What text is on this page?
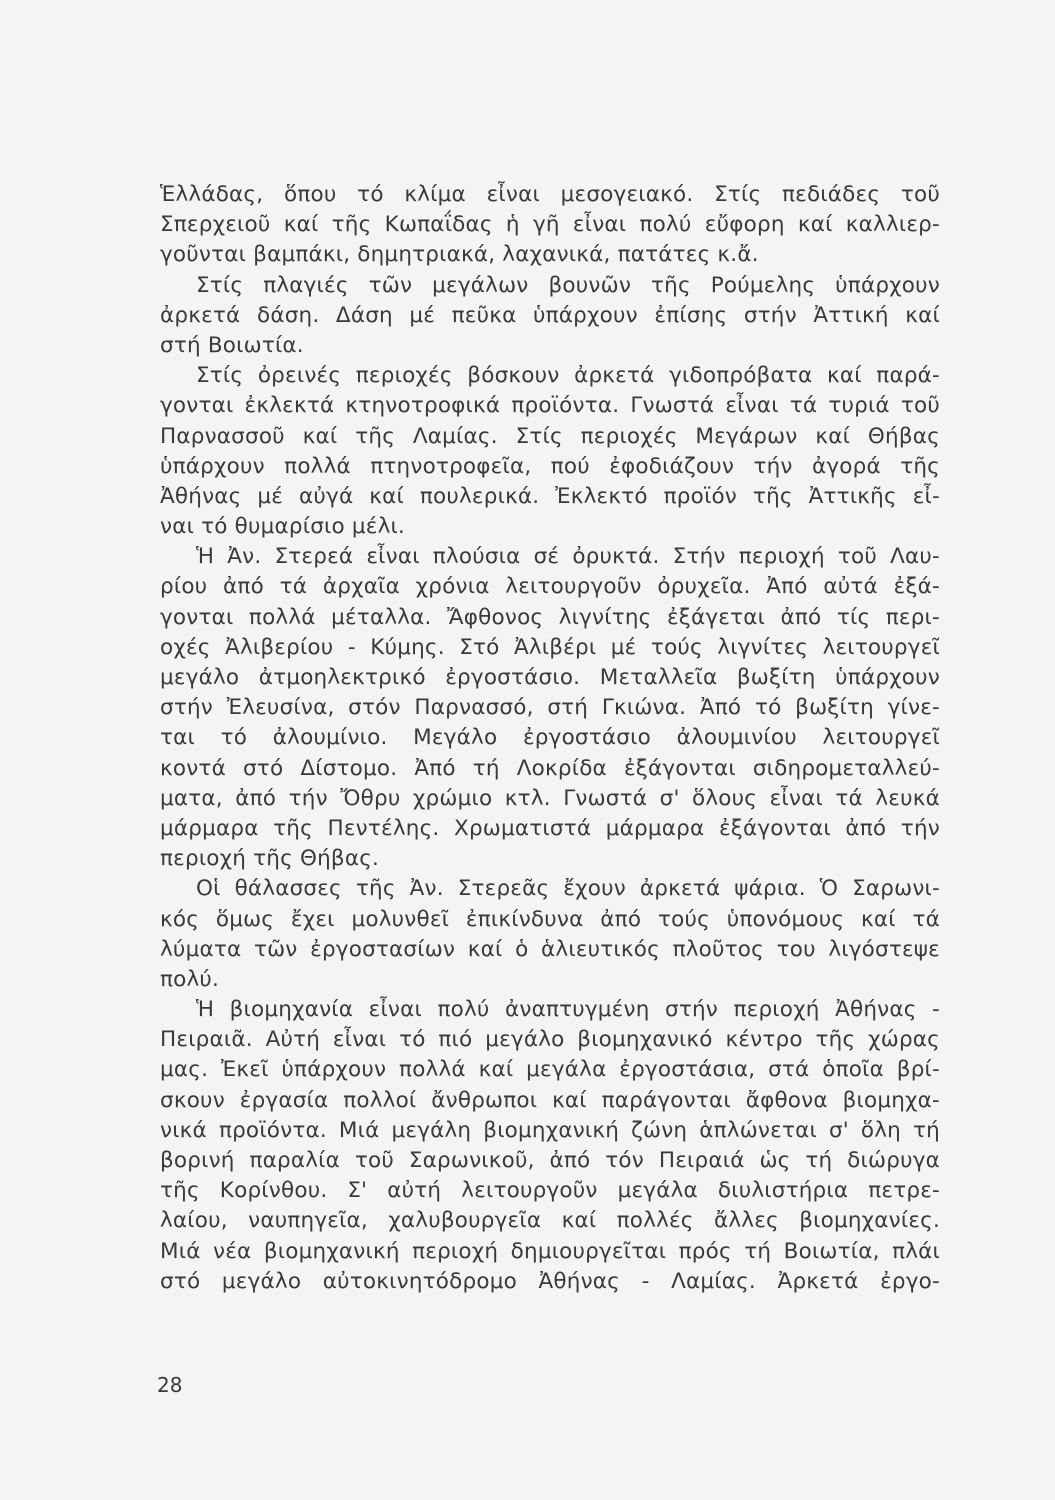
Ἑλλάδας, ὅπου τό κλίμα εἶναι μεσογειακό. Στίς πεδιάδες τοῦ
Σπερχειοῦ καί τῆς Κωπαΐδας ἡ γῆ εἶναι πολύ εὔφορη καί καλλιερ-
γοῦνται βαμπάκι, δημητριακά, λαχανικά, πατάτες κ.ἄ.
Στίς πλαγιές τῶν μεγάλων βουνῶν τῆς Ρούμελης ὑπάρχουν
ἀρκετά δάση. Δάση μέ πεῦκα ὑπάρχουν ἐπίσης στήν Ἀττική καί
στή Βοιωτία.
Στίς ὀρεινές περιοχές βόσκουν ἀρκετά γιδοπρόβατα καί παρά-
γονται ἐκλεκτά κτηνοτροφικά προϊόντα. Γνωστά εἶναι τά τυριά τοῦ
Παρνασσοῦ καί τῆς Λαμίας. Στίς περιοχές Μεγάρων καί Θήβας
ὑπάρχουν πολλά πτηνοτροφεῖα, πού ἐφοδιάζουν τήν ἀγορά τῆς
Ἀθήνας μέ αὐγά καί πουλερικά. Ἐκλεκτό προϊόν τῆς Ἀττικῆς εἶ-
ναι τό θυμαρίσιο μέλι.
Ἡ Ἀν. Στερεά εἶναι πλούσια σέ ὀρυκτά. Στήν περιοχή τοῦ Λαυ-
ρίου ἀπό τά ἀρχαῖα χρόνια λειτουργοῦν ὀρυχεῖα. Ἀπό αὐτά ἐξά-
γονται πολλά μέταλλα. Ἄφθονος λιγνίτης ἐξάγεται ἀπό τίς περι-
οχές Ἀλιβερίου - Κύμης. Στό Ἀλιβέρι μέ τούς λιγνίτες λειτουργεῖ
μεγάλο ἀτμοηλεκτρικό ἐργοστάσιο. Μεταλλεῖα βωξίτη ὑπάρχουν
στήν Ἐλευσίνα, στόν Παρνασσό, στή Γκιώνα. Ἀπό τό βωξίτη γίνε-
ται τό ἀλουμίνιο. Μεγάλο ἐργοστάσιο ἀλουμινίου λειτουργεῖ
κοντά στό Δίστομο. Ἀπό τή Λοκρίδα ἐξάγονται σιδηρομεταλλεύ-
ματα, ἀπό τήν Ὄθρυ χρώμιο κτλ. Γνωστά σ' ὅλους εἶναι τά λευκά
μάρμαρα τῆς Πεντέλης. Χρωματιστά μάρμαρα ἐξάγονται ἀπό τήν
περιοχή τῆς Θήβας.
Οἱ θάλασσες τῆς Ἀν. Στερεᾶς ἔχουν ἀρκετά ψάρια. Ὁ Σαρωνι-
κός ὅμως ἔχει μολυνθεῖ ἐπικίνδυνα ἀπό τούς ὑπονόμους καί τά
λύματα τῶν ἐργοστασίων καί ὁ ἁλιευτικός πλοῦτος του λιγόστεψε
πολύ.
Ἡ βιομηχανία εἶναι πολύ ἀναπτυγμένη στήν περιοχή Ἀθήνας -
Πειραιᾶ. Αὐτή εἶναι τό πιό μεγάλο βιομηχανικό κέντρο τῆς χώρας
μας. Ἐκεῖ ὑπάρχουν πολλά καί μεγάλα ἐργοστάσια, στά ὁποῖα βρί-
σκουν ἐργασία πολλοί ἄνθρωποι καί παράγονται ἄφθονα βιομηχα-
νικά προϊόντα. Μιά μεγάλη βιομηχανική ζώνη ἁπλώνεται σ' ὅλη τή
βορινή παραλία τοῦ Σαρωνικοῦ, ἀπό τόν Πειραιά ὡς τή διώρυγα
τῆς Κορίνθου. Σ' αὐτή λειτουργοῦν μεγάλα διυλιστήρια πετρε-
λαίου, ναυπηγεῖα, χαλυβουργεῖα καί πολλές ἄλλες βιομηχανίες.
Μιά νέα βιομηχανική περιοχή δημιουργεῖται πρός τή Βοιωτία, πλάι
στό μεγάλο αὐτοκινητόδρομο Ἀθήνας - Λαμίας. Ἀρκετά ἐργο-
28
